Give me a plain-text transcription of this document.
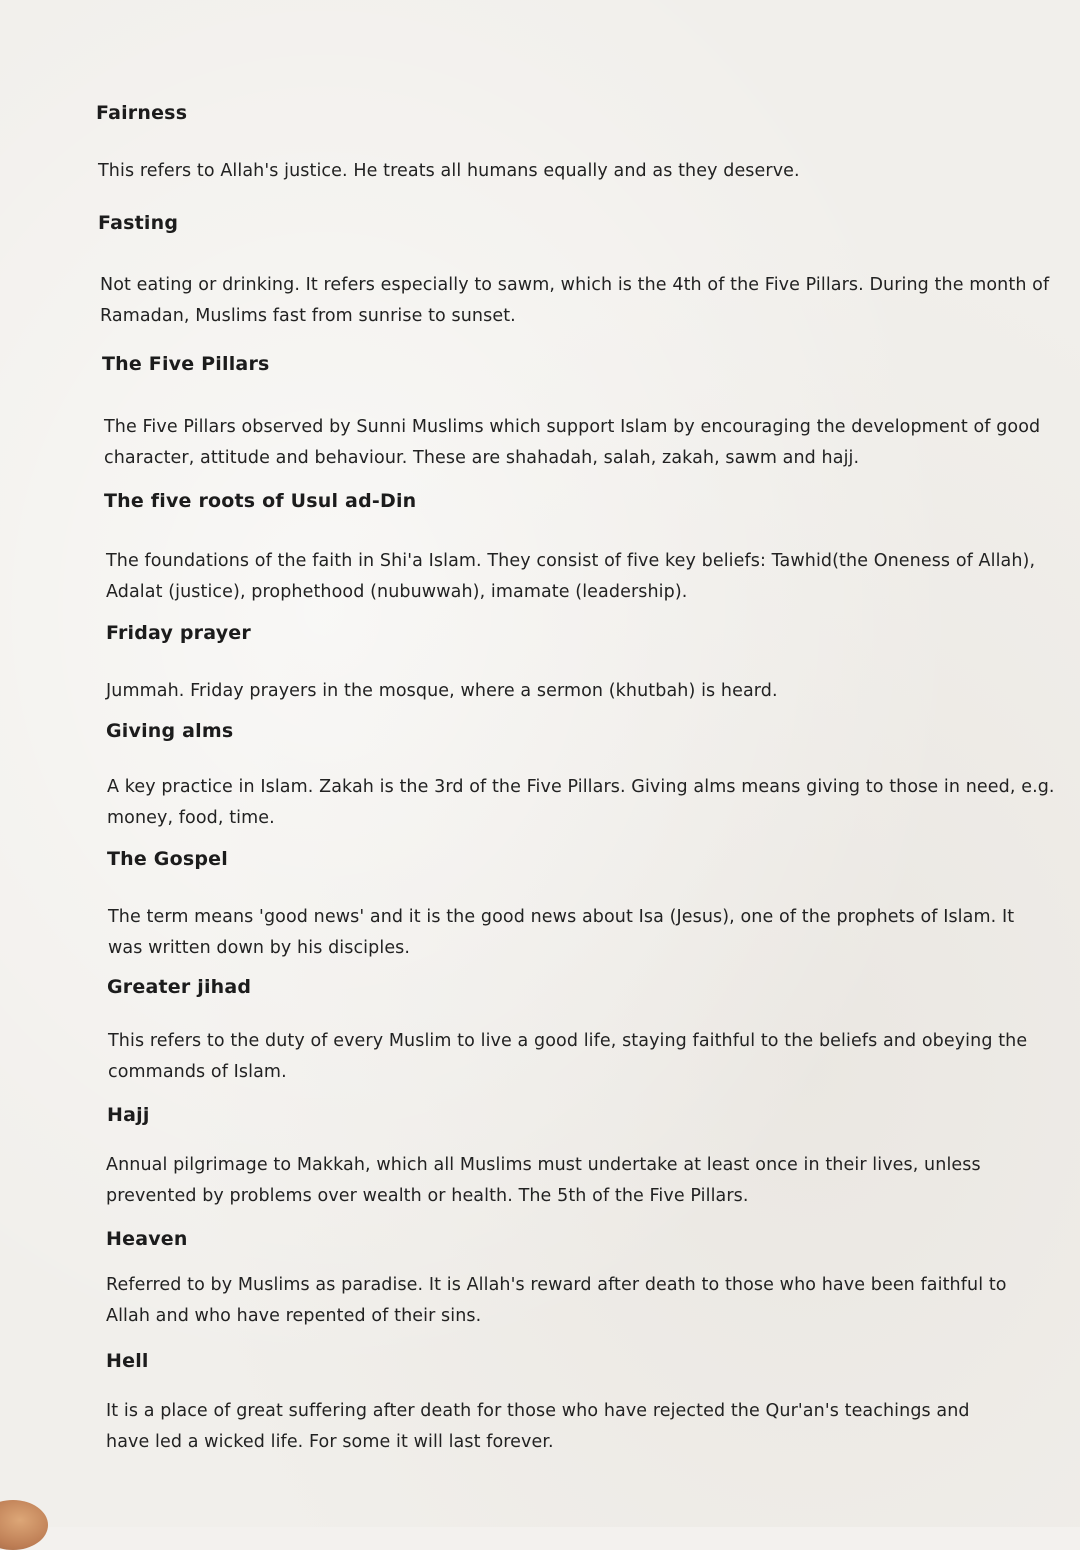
Fairness
This refers to Allah's justice. He treats all humans equally and as they deserve.
Fasting
Not eating or drinking. It refers especially to sawm, which is the 4th of the Five Pillars. During the month of Ramadan, Muslims fast from sunrise to sunset.
The Five Pillars
The Five Pillars observed by Sunni Muslims which support Islam by encouraging the development of good character, attitude and behaviour. These are shahadah, salah, zakah, sawm and hajj.
The five roots of Usul ad-Din
The foundations of the faith in Shi'a Islam. They consist of five key beliefs: Tawhid(the Oneness of Allah), Adalat (justice), prophethood (nubuwwah), imamate (leadership).
Friday prayer
Jummah. Friday prayers in the mosque, where a sermon (khutbah) is heard.
Giving alms
A key practice in Islam. Zakah is the 3rd of the Five Pillars. Giving alms means giving to those in need, e.g. money, food, time.
The Gospel
The term means 'good news' and it is the good news about Isa (Jesus), one of the prophets of Islam. It was written down by his disciples.
Greater jihad
This refers to the duty of every Muslim to live a good life, staying faithful to the beliefs and obeying the commands of Islam.
Hajj
Annual pilgrimage to Makkah, which all Muslims must undertake at least once in their lives, unless prevented by problems over wealth or health. The 5th of the Five Pillars.
Heaven
Referred to by Muslims as paradise. It is Allah's reward after death to those who have been faithful to Allah and who have repented of their sins.
Hell
It is a place of great suffering after death for those who have rejected the Qur'an's teachings and have led a wicked life. For some it will last forever.
